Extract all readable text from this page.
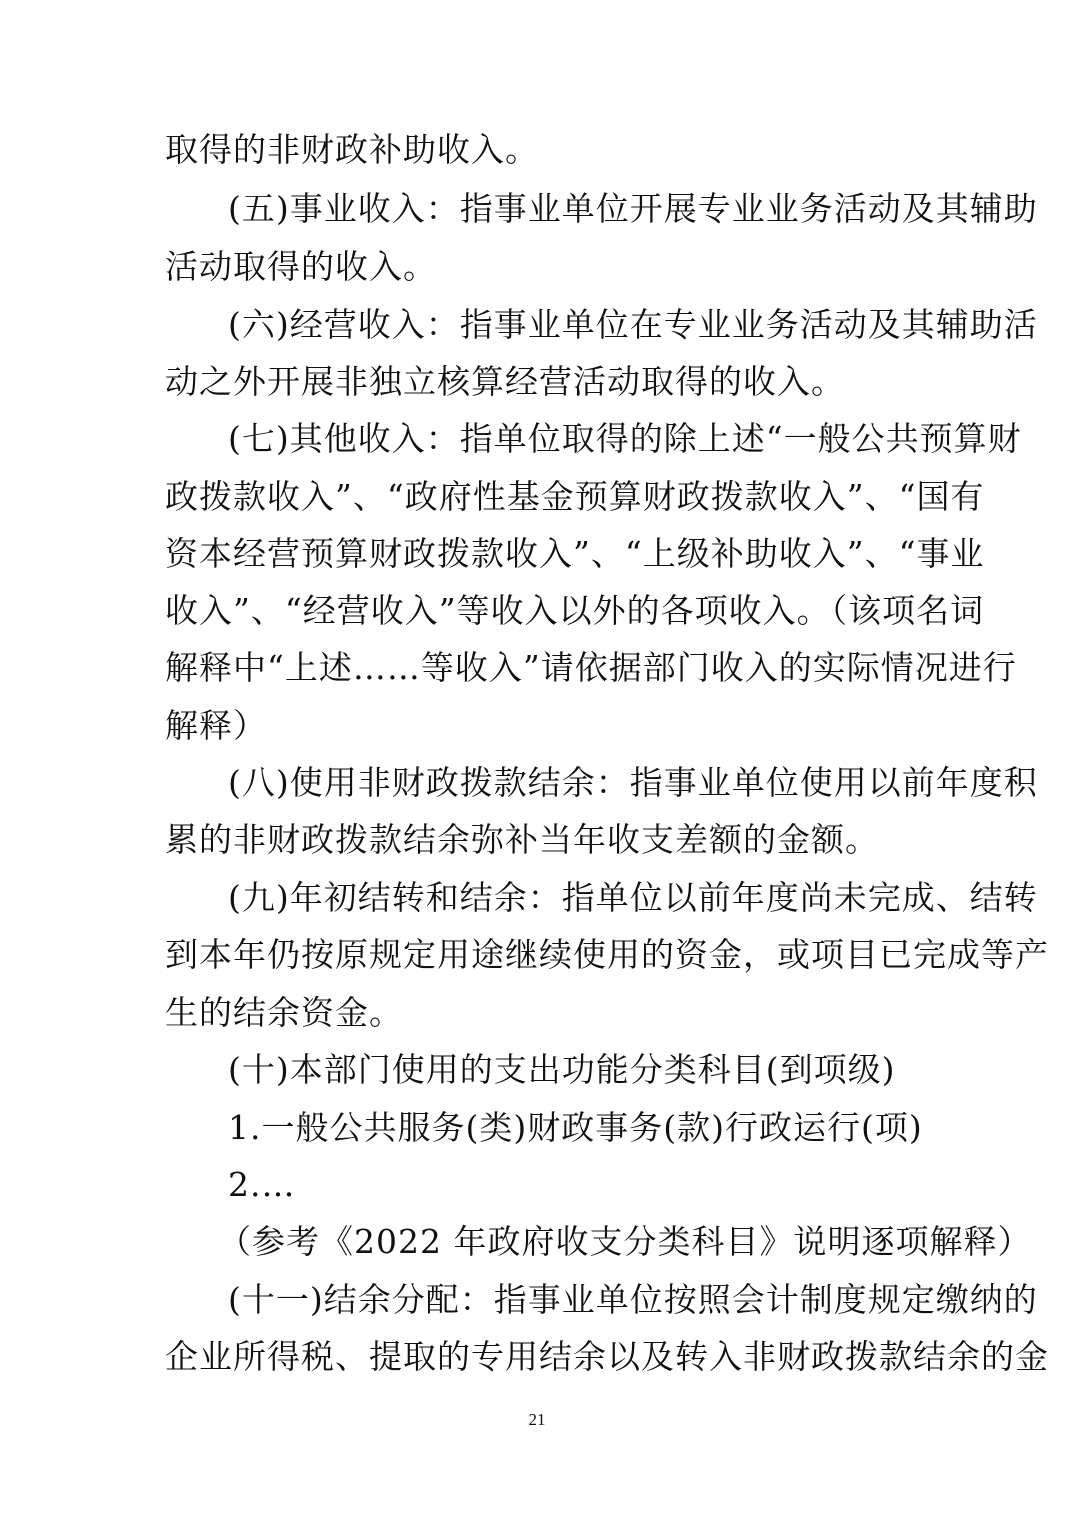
取得的非财政补助收入。
(五)事业收入：指事业单位开展专业业务活动及其辅助
活动取得的收入。
(六)经营收入：指事业单位在专业业务活动及其辅助活
动之外开展非独立核算经营活动取得的收入。
(七)其他收入：指单位取得的除上述“一般公共预算财
政拨款收入”、“政府性基金预算财政拨款收入”、“国有
资本经营预算财政拨款收入”、“上级补助收入”、“事业
收入”、“经营收入”等收入以外的各项收入。（该项名词
解释中“上述……等收入”请依据部门收入的实际情况进行
解释）
(八)使用非财政拨款结余：指事业单位使用以前年度积
累的非财政拨款结余弥补当年收支差额的金额。
(九)年初结转和结余：指单位以前年度尚未完成、结转
到本年仍按原规定用途继续使用的资金，或项目已完成等产
生的结余资金。
(十)本部门使用的支出功能分类科目(到项级)
1.一般公共服务(类)财政事务(款)行政运行(项)
2.…
（参考《2022 年政府收支分类科目》说明逐项解释）
(十一)结余分配：指事业单位按照会计制度规定缴纳的
企业所得税、提取的专用结余以及转入非财政拨款结余的金
21
